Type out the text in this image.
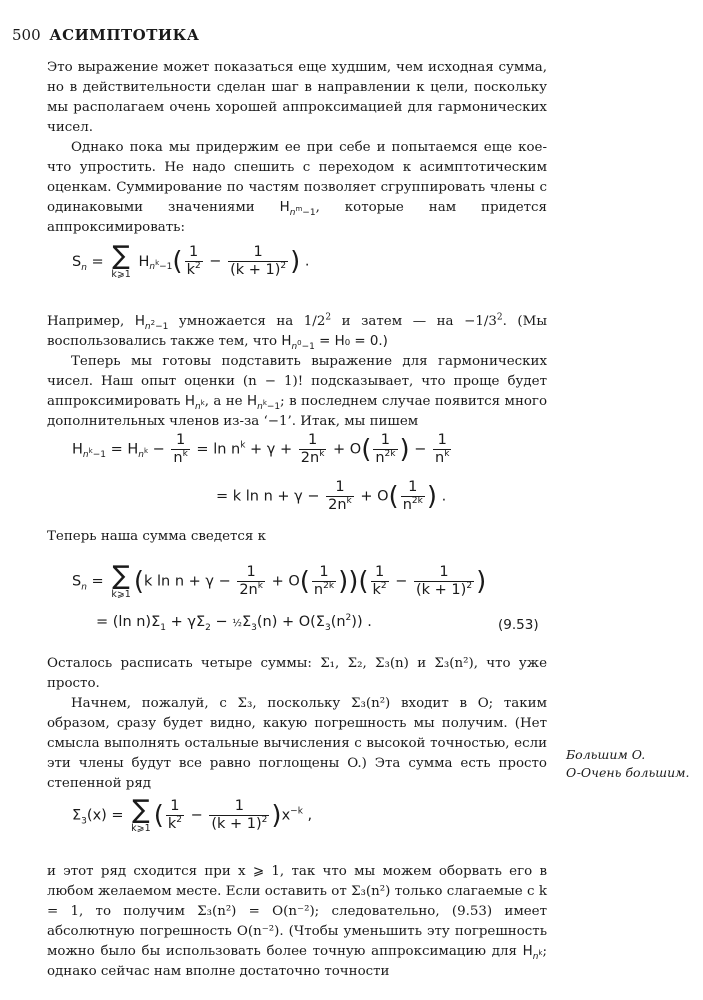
500 АСИМПТОТИКА

Это выражение может показаться еще худшим, чем исходная сумма, но в действительности сделан шаг в направлении к цели, поскольку мы располагаем очень хорошей аппроксимацией для гармонических чисел.

Однако пока мы придержим ее при себе и попытаемся еще кое-что упростить. Не надо спешить с переходом к асимптотическим оценкам. Суммирование по частям позволяет сгруппировать члены с одинаковыми значениями $H_{n^m-1}$, которые нам придется аппроксимировать:

$S_n$ = ∑
k⩾1
$H_{n^k-1}( \frac{1}{k^2} - \frac{1}{(k + 1)^2}$ ) .

Например, $H_{n^2-1}$ умножается на $1/2^2$ и затем — на $-1/3^2$. (Мы воспользовались также тем, что $H_{n^0-1} = H_0 = 0$.)

Теперь мы готовы подставить выражение для гармонических чисел. Наш опыт оценки (n − 1)! подсказывает, что проще будет аппроксимировать $H_{n^k}$, а не $H_{n^k-1}$; в последнем случае появится много дополнительных членов из-за ‘−1’. Итак, мы пишем

$H_{n^k-1} = H_{n^k} - \frac{1}{n^k} = \ln n^k + \gamma + \frac{1}{2n^k} + O( \frac{1}{n^{2k}}$ ) − $\frac{1}{n^k}$
= k $\ln n + \gamma - \frac{1}{2n^k} + O( \frac{1}{n^{2k}}$ ) .

Теперь наша сумма сведется к

$S_n$ = ∑
k⩾1 (k $\ln n + \gamma - \frac{1}{2n^k} + O( \frac{1}{n^{2k}}$ ))( $\frac{1}{k^2} - \frac{1}{(k + 1)^2}$ )
= (ln $n)\Sigma_1 + \gamma\Sigma_2$ − $\frac{1}{2}\Sigma_3(n) + O(\Sigma_3(n^2))$ .	(9.53)

Осталось расписать четыре суммы: Σ₁, Σ₂, Σ₃(n) и Σ₃(n²), что уже просто.

Начнем, пожалуй, с Σ₃, поскольку Σ₃(n²) входит в O; таким образом, сразу будет видно, какую погрешность мы получим. (Нет смысла выполнять остальные вычисления с высокой точностью, если эти члены будут все равно поглощены O.) Эта сумма есть просто степенной ряд

Большим O.
O-Очень большим.
$\Sigma_3(x)$ = ∑
k⩾1 ( $\frac{1}{k^2} - \frac{1}{(k + 1)^2} )x^{-k}$ ,

и этот ряд сходится при x ⩾ 1, так что мы можем оборвать его в любом желаемом месте. Если оставить от Σ₃(n²) только слагаемые с k = 1, то получим Σ₃(n²) = O(n⁻²); следовательно, (9.53) имеет абсолютную погрешность O(n⁻²). (Чтобы уменьшить эту погрешность можно было бы использовать более точную аппроксимацию для $H_{n^k}$; однако сейчас нам вполне достаточно точности
